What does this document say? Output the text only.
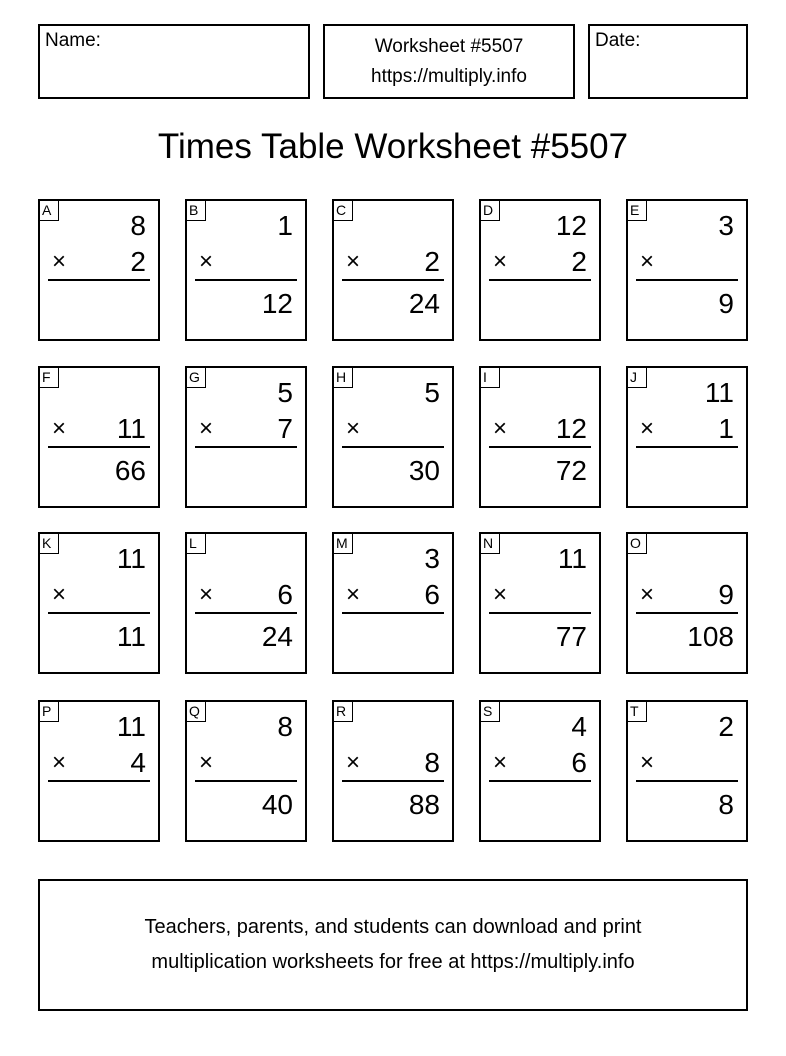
Name:	Worksheet #5507
https://multiply.info
Date:
Times Table Worksheet #5507
A	8
× 2
B	1
×
12
C
× 2
24
D 12
× 2
E	3
×
9
F
× 11
66
G	5
× 7
H	5
×
30
I
× 12
72
J	11
× 1
K 11
×
11
L
× 6
24
M	3
× 6
N 11
×
77
O
× 9
108
P 11
× 4
Q	8
×
40
R
× 8
88
S	4
× 6
T	2
×
8
Teachers, parents, and students can download and print
multiplication worksheets for free at https://multiply.info
